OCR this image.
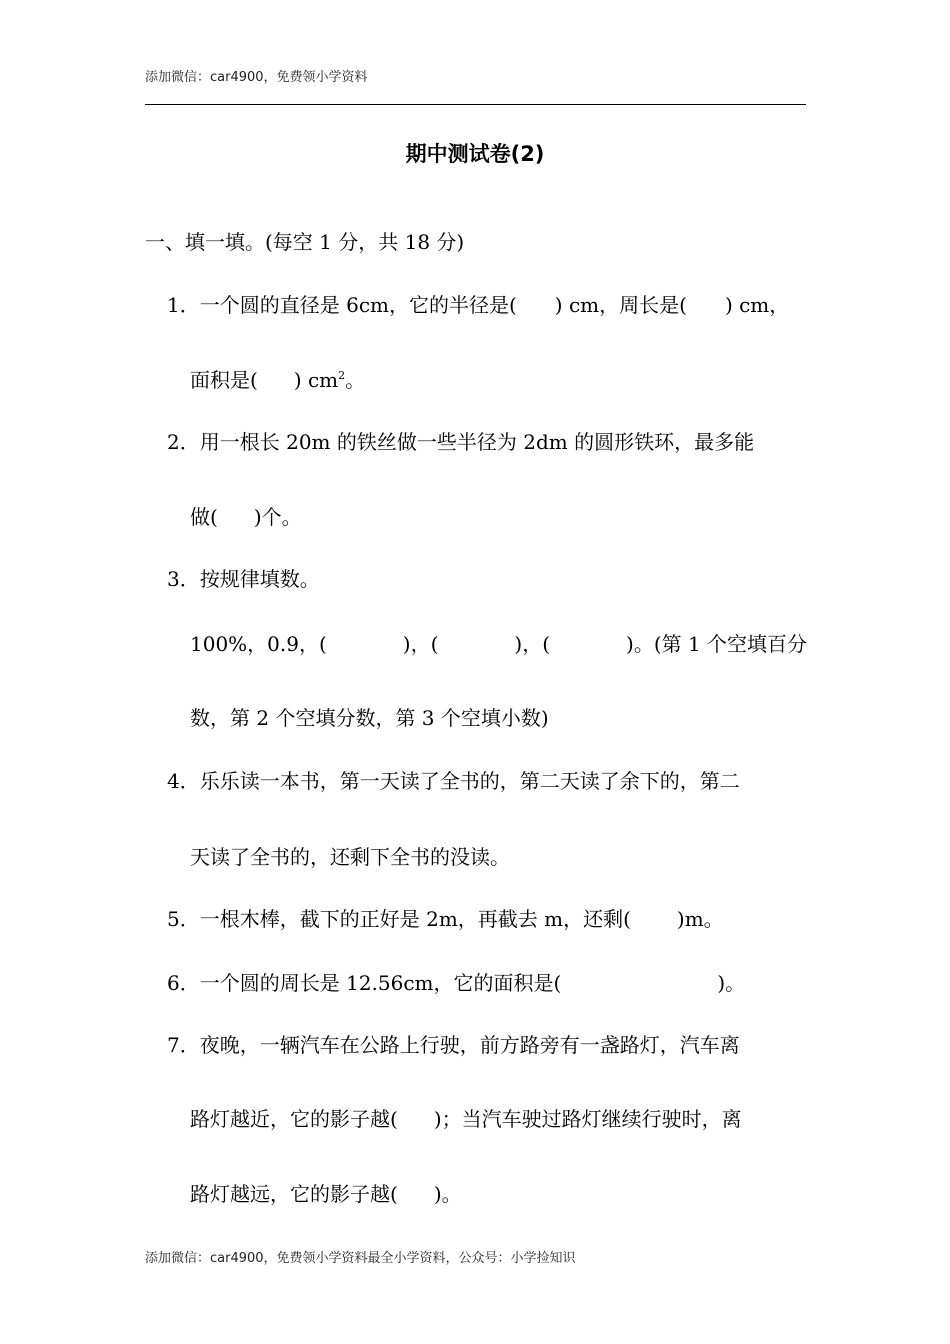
添加微信：car4900，免费领小学资料
期中测试卷(2)
一、填一填。(每空 1 分，共 18 分)
1．一个圆的直径是 6cm，它的半径是( ) cm，周长是( ) cm，
面积是( ) $cm^2$。
2．用一根长 20m 的铁丝做一些半径为 2dm 的圆形铁环，最多能
做( )个。
3．按规律填数。
100%，0.9，(	)，(	)，(	)。(第 1 个空填百分
数，第 2 个空填分数，第 3 个空填小数)
4．乐乐读一本书，第一天读了全书的，第二天读了余下的，第二
天读了全书的，还剩下全书的没读。
5．一根木棒，截下的正好是 2m，再截去 m，还剩( )m。
6．一个圆的周长是 12.56cm，它的面积是(	)。
7．夜晚，一辆汽车在公路上行驶，前方路旁有一盏路灯，汽车离
路灯越近，它的影子越( )；当汽车驶过路灯继续行驶时，离
路灯越远，它的影子越( )。
添加微信：car4900，免费领小学资料最全小学资料，公众号：小学捡知识
